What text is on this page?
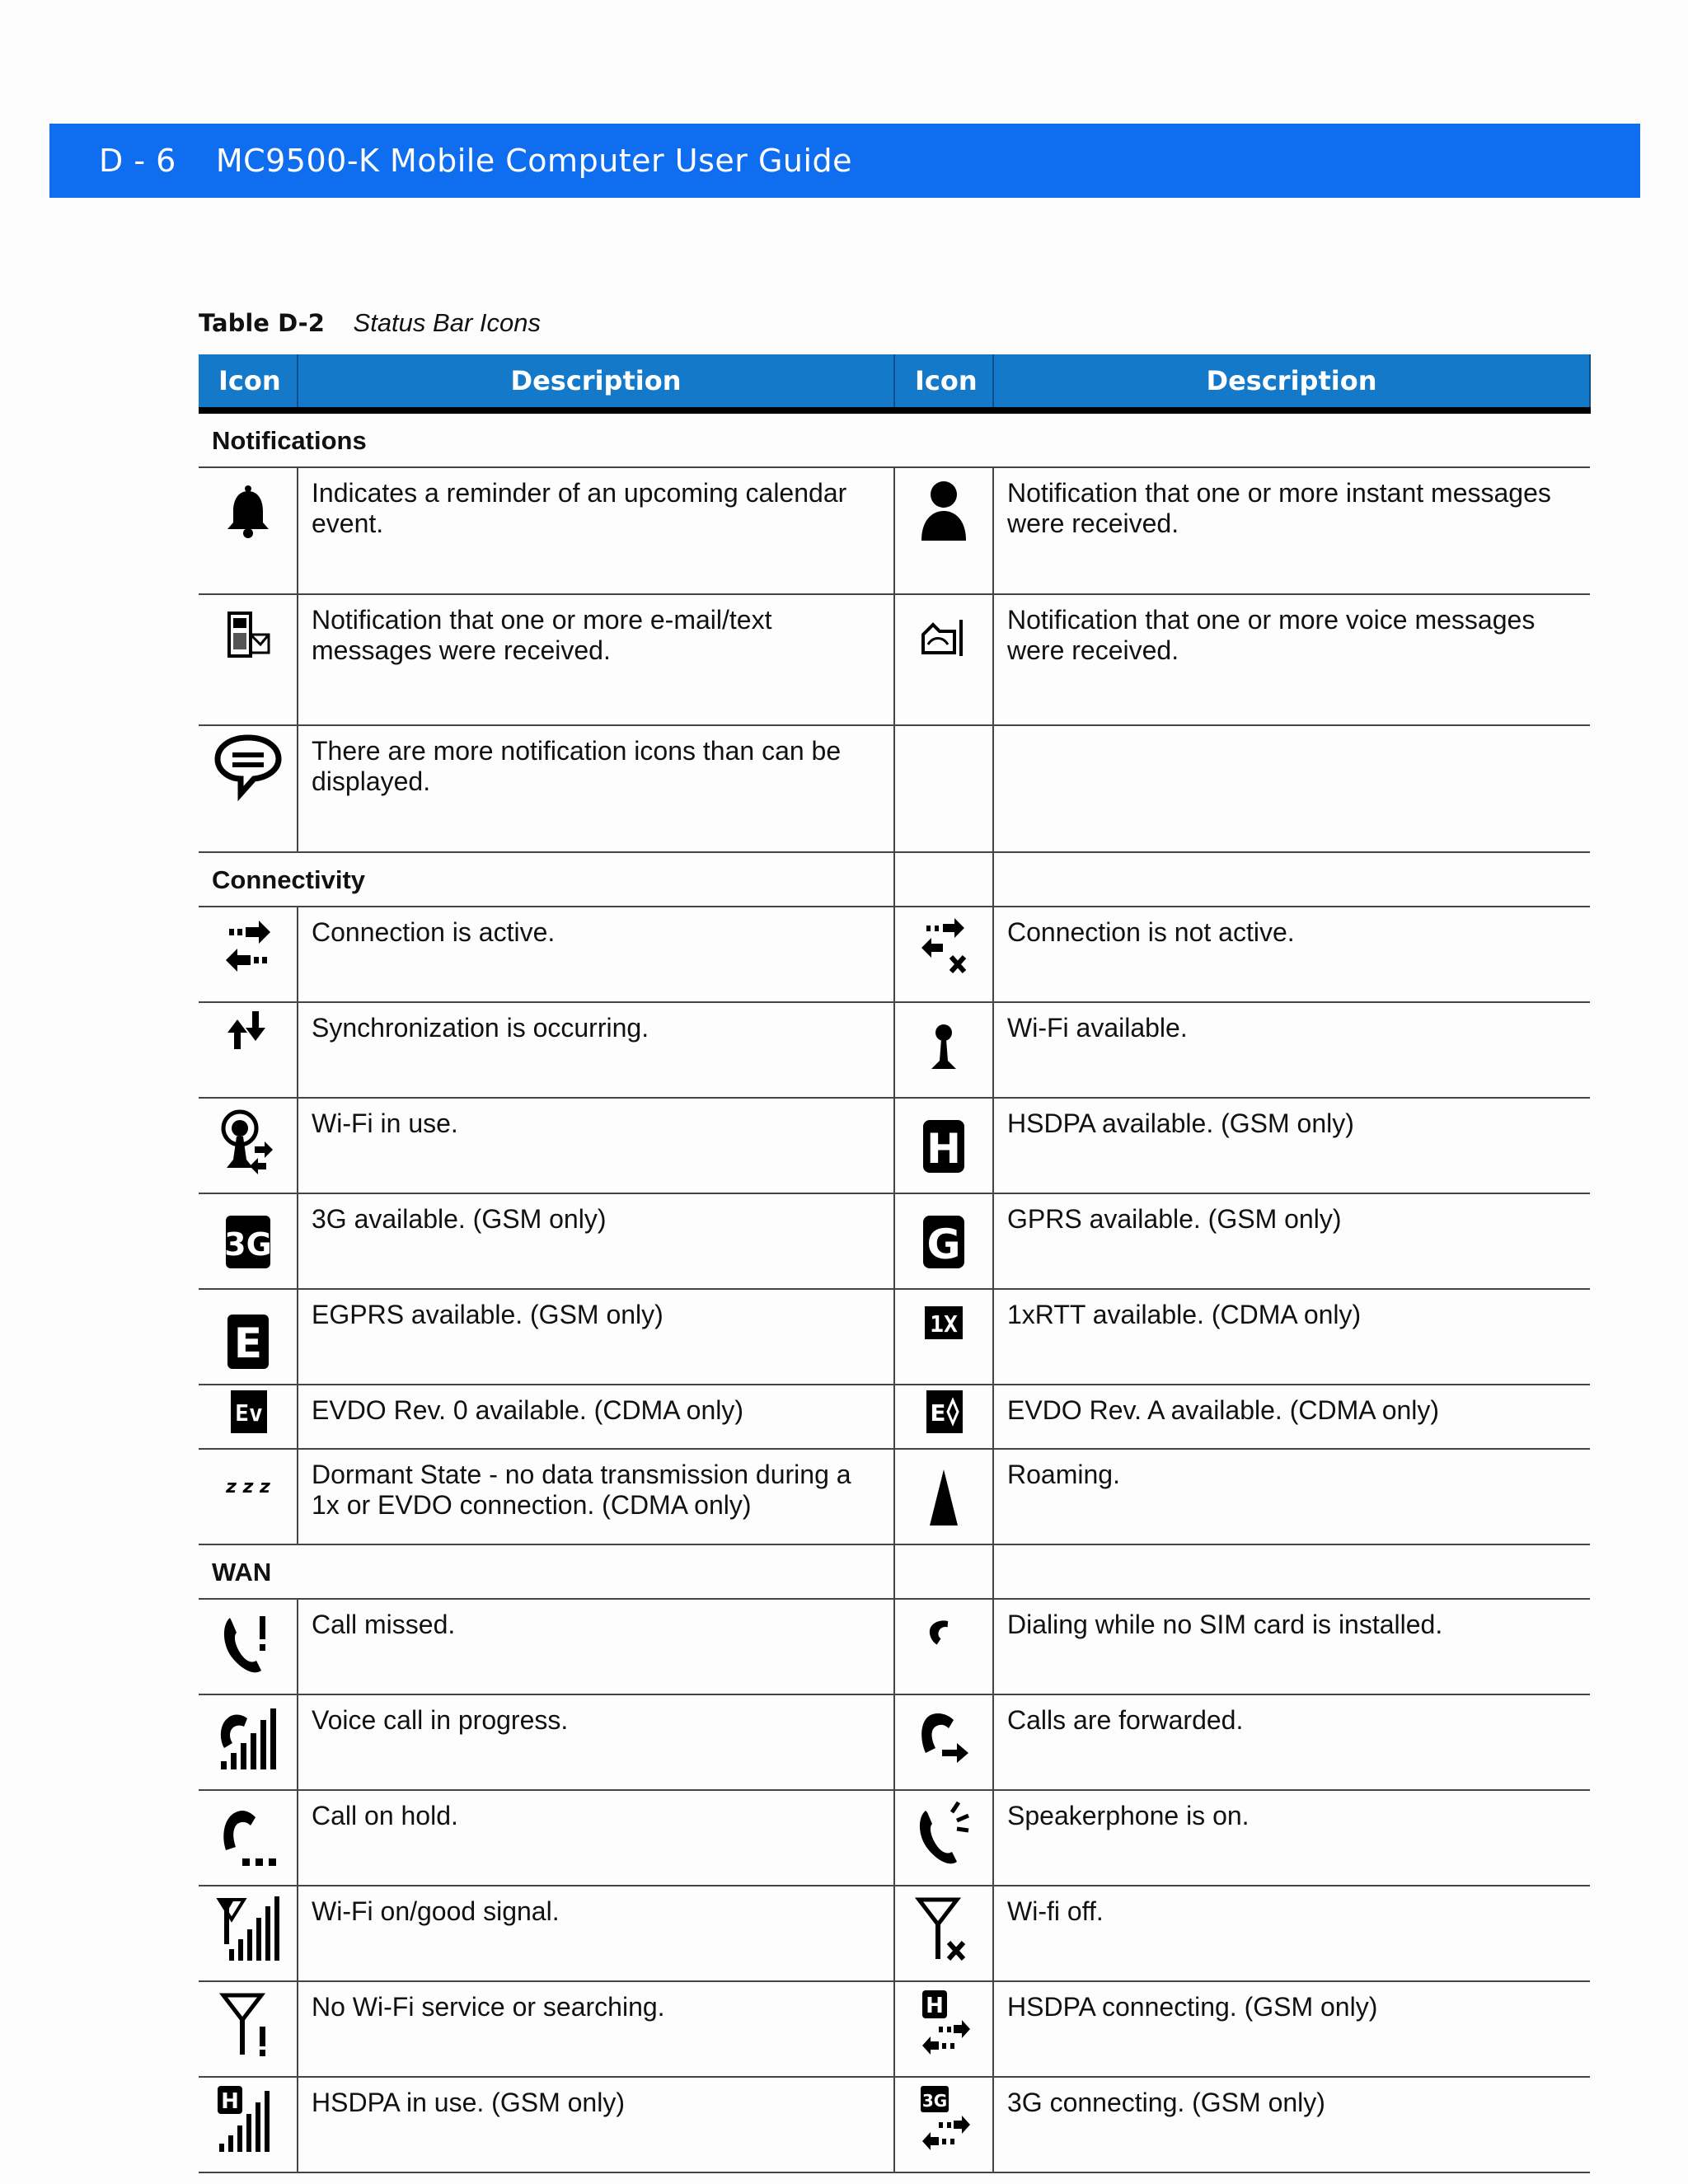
D - 6 MC9500-K Mobile Computer User Guide
Table D-2 Status Bar Icons
Icon	Description	Icon	Description
Notifications			

	Indicates a reminder of an upcoming calendar event.		Notification that one or more instant messages were received.

	Notification that one or more e-mail/text messages were received.		Notification that one or more voice messages were received.

	There are more notification icons than can be displayed.		
Connectivity			

	Connection is active.		Connection is not active.

	Synchronization is occurring.		Wi-Fi available.

	Wi-Fi in use.	H	HSDPA available. (GSM only)

3G	3G available. (GSM only)	G	GPRS available. (GSM only)

E	EGPRS available. (GSM only)	1X	1xRTT available. (CDMA only)

Ev	EVDO Rev. 0 available. (CDMA only)	E	EVDO Rev. A available. (CDMA only)

z z z	Dormant State - no data transmission during a 1x or EVDO connection. (CDMA only)		Roaming.
WAN			

	Call missed.		Dialing while no SIM card is installed.

	Voice call in progress.		Calls are forwarded.

	Call on hold.		Speakerphone is on.

	Wi-Fi on/good signal.		Wi-fi off.

	No Wi-Fi service or searching.	H	HSDPA connecting. (GSM only)

H	HSDPA in use. (GSM only)	3G	3G connecting. (GSM only)
